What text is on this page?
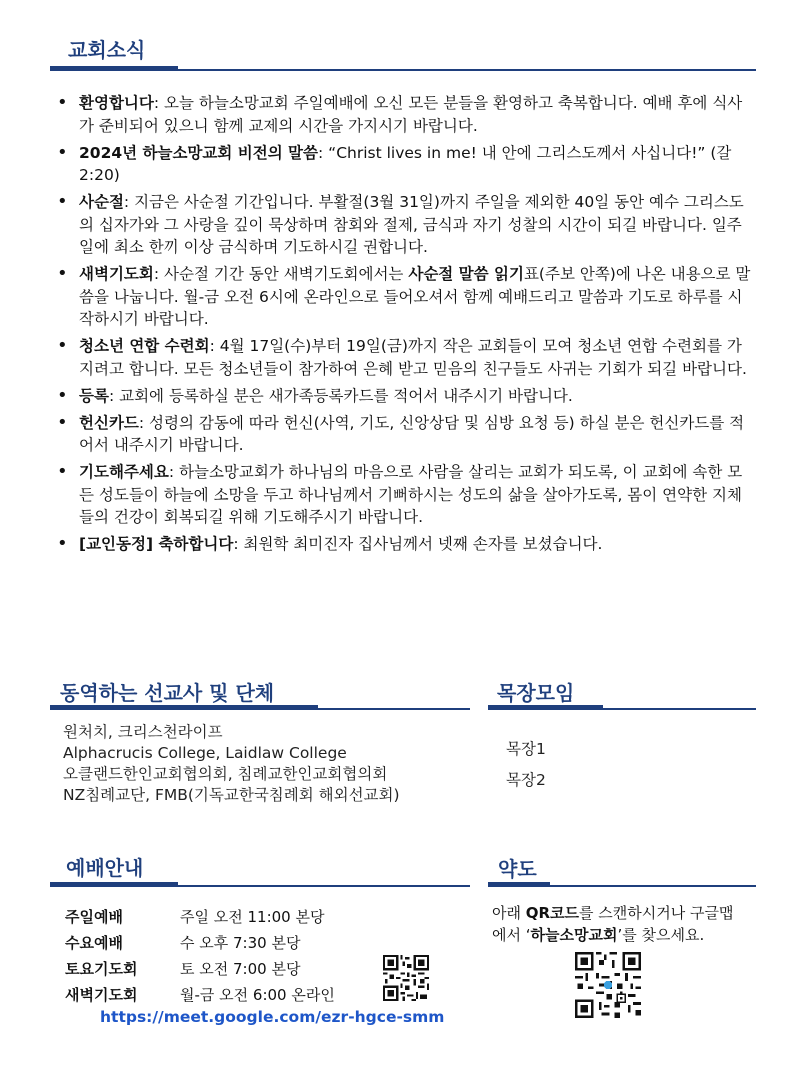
교회소식
• 환영합니다: 오늘 하늘소망교회 주일예배에 오신 모든 분들을 환영하고 축복합니다. 예배 후에 식사가 준비되어 있으니 함께 교제의 시간을 가지시기 바랍니다.
• 2024년 하늘소망교회 비전의 말씀: “Christ lives in me! 내 안에 그리스도께서 사십니다!” (갈 2:20)
• 사순절: 지금은 사순절 기간입니다. 부활절(3월 31일)까지 주일을 제외한 40일 동안 예수 그리스도의 십자가와 그 사랑을 깊이 묵상하며 참회와 절제, 금식과 자기 성찰의 시간이 되길 바랍니다. 일주일에 최소 한끼 이상 금식하며 기도하시길 권합니다.
• 새벽기도회: 사순절 기간 동안 새벽기도회에서는 사순절 말씀 읽기표(주보 안쪽)에 나온 내용으로 말씀을 나눕니다. 월-금 오전 6시에 온라인으로 들어오셔서 함께 예배드리고 말씀과 기도로 하루를 시작하시기 바랍니다.
• 청소년 연합 수련회: 4월 17일(수)부터 19일(금)까지 작은 교회들이 모여 청소년 연합 수련회를 가지려고 합니다. 모든 청소년들이 참가하여 은혜 받고 믿음의 친구들도 사귀는 기회가 되길 바랍니다.
• 등록: 교회에 등록하실 분은 새가족등록카드를 적어서 내주시기 바랍니다.
• 헌신카드: 성령의 감동에 따라 헌신(사역, 기도, 신앙상담 및 심방 요청 등) 하실 분은 헌신카드를 적어서 내주시기 바랍니다.
• 기도해주세요: 하늘소망교회가 하나님의 마음으로 사람을 살리는 교회가 되도록, 이 교회에 속한 모든 성도들이 하늘에 소망을 두고 하나님께서 기뻐하시는 성도의 삶을 살아가도록, 몸이 연약한 지체들의 건강이 회복되길 위해 기도해주시기 바랍니다.
• [교인동정] 축하합니다: 최원학 최미진자 집사님께서 넷째 손자를 보셨습니다.
동역하는 선교사 및 단체
원처치, 크리스천라이프
Alphacrucis College, Laidlaw College
오클랜드한인교회협의회, 침례교한인교회협의회
NZ침례교단, FMB(기독교한국침례회 해외선교회)
목장모임
목장1
목장2
예배안내
주일예배	주일 오전 11:00 본당
수요예배	수 오후 7:30 본당
토요기도회	토 오전 7:00 본당
새벽기도회	월-금 오전 6:00 온라인
https://meet.google.com/ezr-hgce-smm
약도
아래 QR코드를 스캔하시거나 구글맵
에서 ‘하늘소망교회’를 찾으세요.
